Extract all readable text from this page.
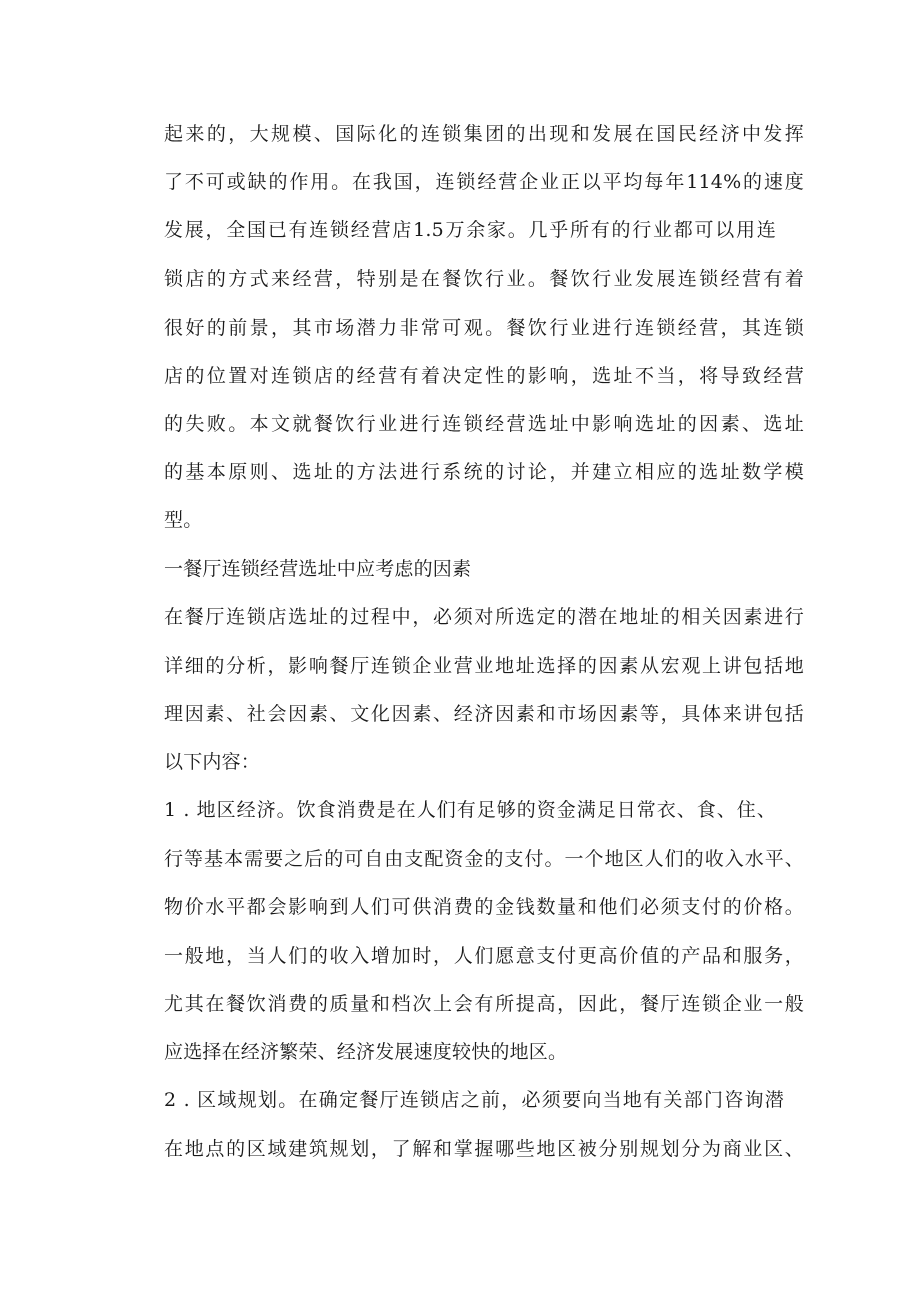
起来的，大规模、国际化的连锁集团的出现和发展在国民经济中发挥
了不可或缺的作用。在我国，连锁经营企业正以平均每年114%的速度
发展，全国已有连锁经营店1.5万余家。几乎所有的行业都可以用连
锁店的方式来经营，特别是在餐饮行业。餐饮行业发展连锁经营有着
很好的前景，其市场潜力非常可观。餐饮行业进行连锁经营，其连锁
店的位置对连锁店的经营有着决定性的影响，选址不当，将导致经营
的失败。本文就餐饮行业进行连锁经营选址中影响选址的因素、选址
的基本原则、选址的方法进行系统的讨论，并建立相应的选址数学模
型。
一餐厅连锁经营选址中应考虑的因素
在餐厅连锁店选址的过程中，必须对所选定的潜在地址的相关因素进行
详细的分析，影响餐厅连锁企业营业地址选择的因素从宏观上讲包括地
理因素、社会因素、文化因素、经济因素和市场因素等，具体来讲包括
以下内容：
1 . 地区经济。饮食消费是在人们有足够的资金满足日常衣、食、住、
行等基本需要之后的可自由支配资金的支付。一个地区人们的收入水平、
物价水平都会影响到人们可供消费的金钱数量和他们必须支付的价格。
一般地，当人们的收入增加时，人们愿意支付更高价值的产品和服务，
尤其在餐饮消费的质量和档次上会有所提高，因此，餐厅连锁企业一般
应选择在经济繁荣、经济发展速度较快的地区。
2 . 区域规划。在确定餐厅连锁店之前，必须要向当地有关部门咨询潜
在地点的区域建筑规划，了解和掌握哪些地区被分别规划分为商业区、
